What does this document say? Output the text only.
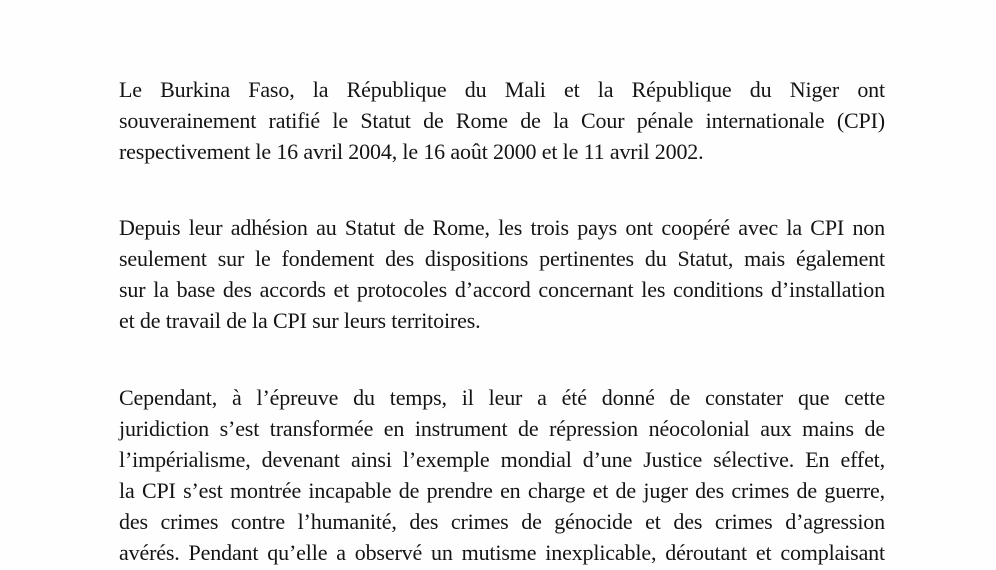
Le Burkina Faso, la République du Mali et la République du Niger ont
souverainement ratifié le Statut de Rome de la Cour pénale internationale (CPI)
respectivement le 16 avril 2004, le 16 août 2000 et le 11 avril 2002.

Depuis leur adhésion au Statut de Rome, les trois pays ont coopéré avec la CPI non
seulement sur le fondement des dispositions pertinentes du Statut, mais également
sur la base des accords et protocoles d’accord concernant les conditions d’installation
et de travail de la CPI sur leurs territoires.

Cependant, à l’épreuve du temps, il leur a été donné de constater que cette
juridiction s’est transformée en instrument de répression néocolonial aux mains de
l’impérialisme, devenant ainsi l’exemple mondial d’une Justice sélective. En effet,
la CPI s’est montrée incapable de prendre en charge et de juger des crimes de guerre,
des crimes contre l’humanité, des crimes de génocide et des crimes d’agression
avérés. Pendant qu’elle a observé un mutisme inexplicable, déroutant et complaisant
